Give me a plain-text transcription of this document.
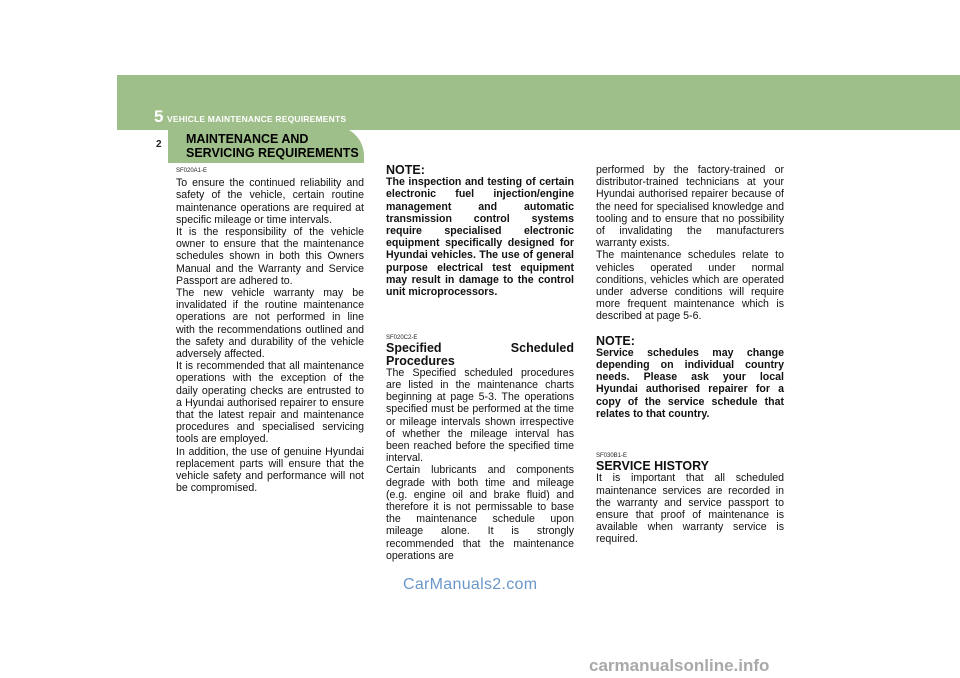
5 VEHICLE MAINTENANCE REQUIREMENTS
2 MAINTENANCE AND SERVICING REQUIREMENTS

SF020A1-E

To ensure the continued reliability and safety of the vehicle, certain routine maintenance operations are required at specific mileage or time intervals.

It is the responsibility of the vehicle owner to ensure that the maintenance schedules shown in both this Owners Manual and the Warranty and Service Passport are adhered to.

The new vehicle warranty may be invalidated if the routine maintenance operations are not performed in line with the recommendations outlined and the safety and durability of the vehicle adversely affected.

It is recommended that all maintenance operations with the exception of the daily operating checks are entrusted to a Hyundai authorised repairer to ensure that the latest repair and maintenance procedures and specialised servicing tools are employed.

In addition, the use of genuine Hyundai replacement parts will ensure that the vehicle safety and performance will not be compromised.

NOTE:

The inspection and testing of certain electronic fuel injection/engine management and automatic transmission control systems require specialised electronic equipment specifically designed for Hyundai vehicles. The use of general purpose electrical test equipment may result in damage to the control unit microprocessors.

SF020C2-E

Specified Scheduled Procedures

The Specified scheduled procedures are listed in the maintenance charts beginning at page 5-3. The operations specified must be performed at the time or mileage intervals shown irrespective of whether the mileage interval has been reached before the specified time interval.

Certain lubricants and components degrade with both time and mileage (e.g. engine oil and brake fluid) and therefore it is not permissable to base the maintenance schedule upon mileage alone. It is strongly recommended that the maintenance operations are

performed by the factory-trained or distributor-trained technicians at your Hyundai authorised repairer because of the need for specialised knowledge and tooling and to ensure that no possibility of invalidating the manufacturers warranty exists.

The maintenance schedules relate to vehicles operated under normal conditions, vehicles which are operated under adverse conditions will require more frequent maintenance which is described at page 5-6.

NOTE:

Service schedules may change depending on individual country needs. Please ask your local Hyundai authorised repairer for a copy of the service schedule that relates to that country.

SF030B1-E

SERVICE HISTORY

It is important that all scheduled maintenance services are recorded in the warranty and service passport to ensure that proof of maintenance is available when warranty service is required.

CarManuals2.com
carmanualsonline.info
